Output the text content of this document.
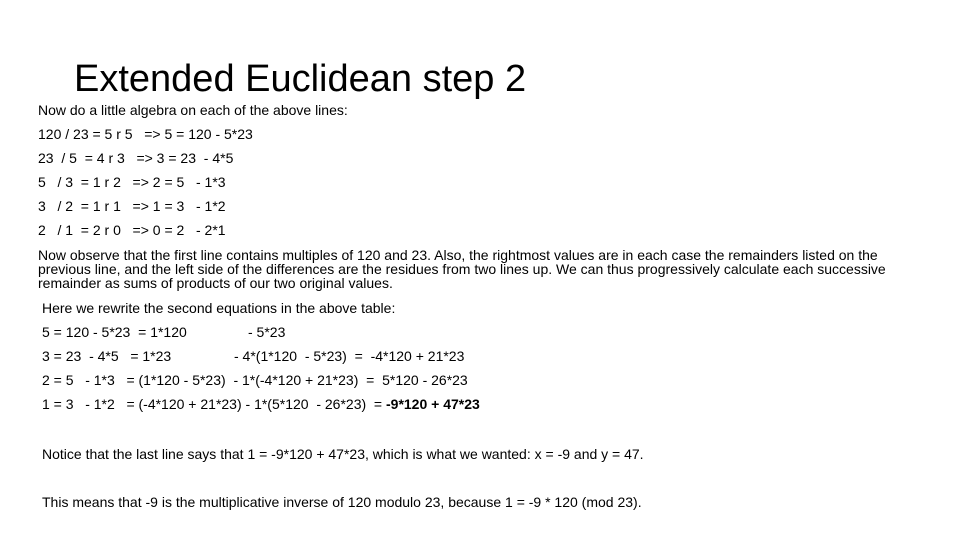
Extended Euclidean step 2

Now do a little algebra on each of the above lines:

120 / 23 = 5 r 5   => 5 = 120 - 5*23

23  / 5  = 4 r 3   => 3 = 23  - 4*5

5   / 3  = 1 r 2   => 2 = 5   - 1*3

3   / 2  = 1 r 1   => 1 = 3   - 1*2

2   / 1  = 2 r 0   => 0 = 2   - 2*1

Now observe that the first line contains multiples of 120 and 23. Also, the rightmost values are in each case the remainders listed on the previous line, and the left side of the differences are the residues from two lines up. We can thus progressively calculate each successive remainder as sums of products of our two original values.

Here we rewrite the second equations in the above table:

5 = 120 - 5*23  = 1*120	- 5*23
3 = 23  - 4*5   = 1*23	- 4*(1*120  - 5*23)  =  -4*120 + 21*23
2 = 5   - 1*3   = (1*120 - 5*23)  - 1*(-4*120 + 21*23)  =  5*120 - 26*23
1 = 3   - 1*2   = (-4*120 + 21*23) - 1*(5*120  - 26*23)  = -9*120 + 47*23

Notice that the last line says that 1 = -9*120 + 47*23, which is what we wanted: x = -9 and y = 47.

This means that -9 is the multiplicative inverse of 120 modulo 23, because 1 = -9 * 120 (mod 23).
